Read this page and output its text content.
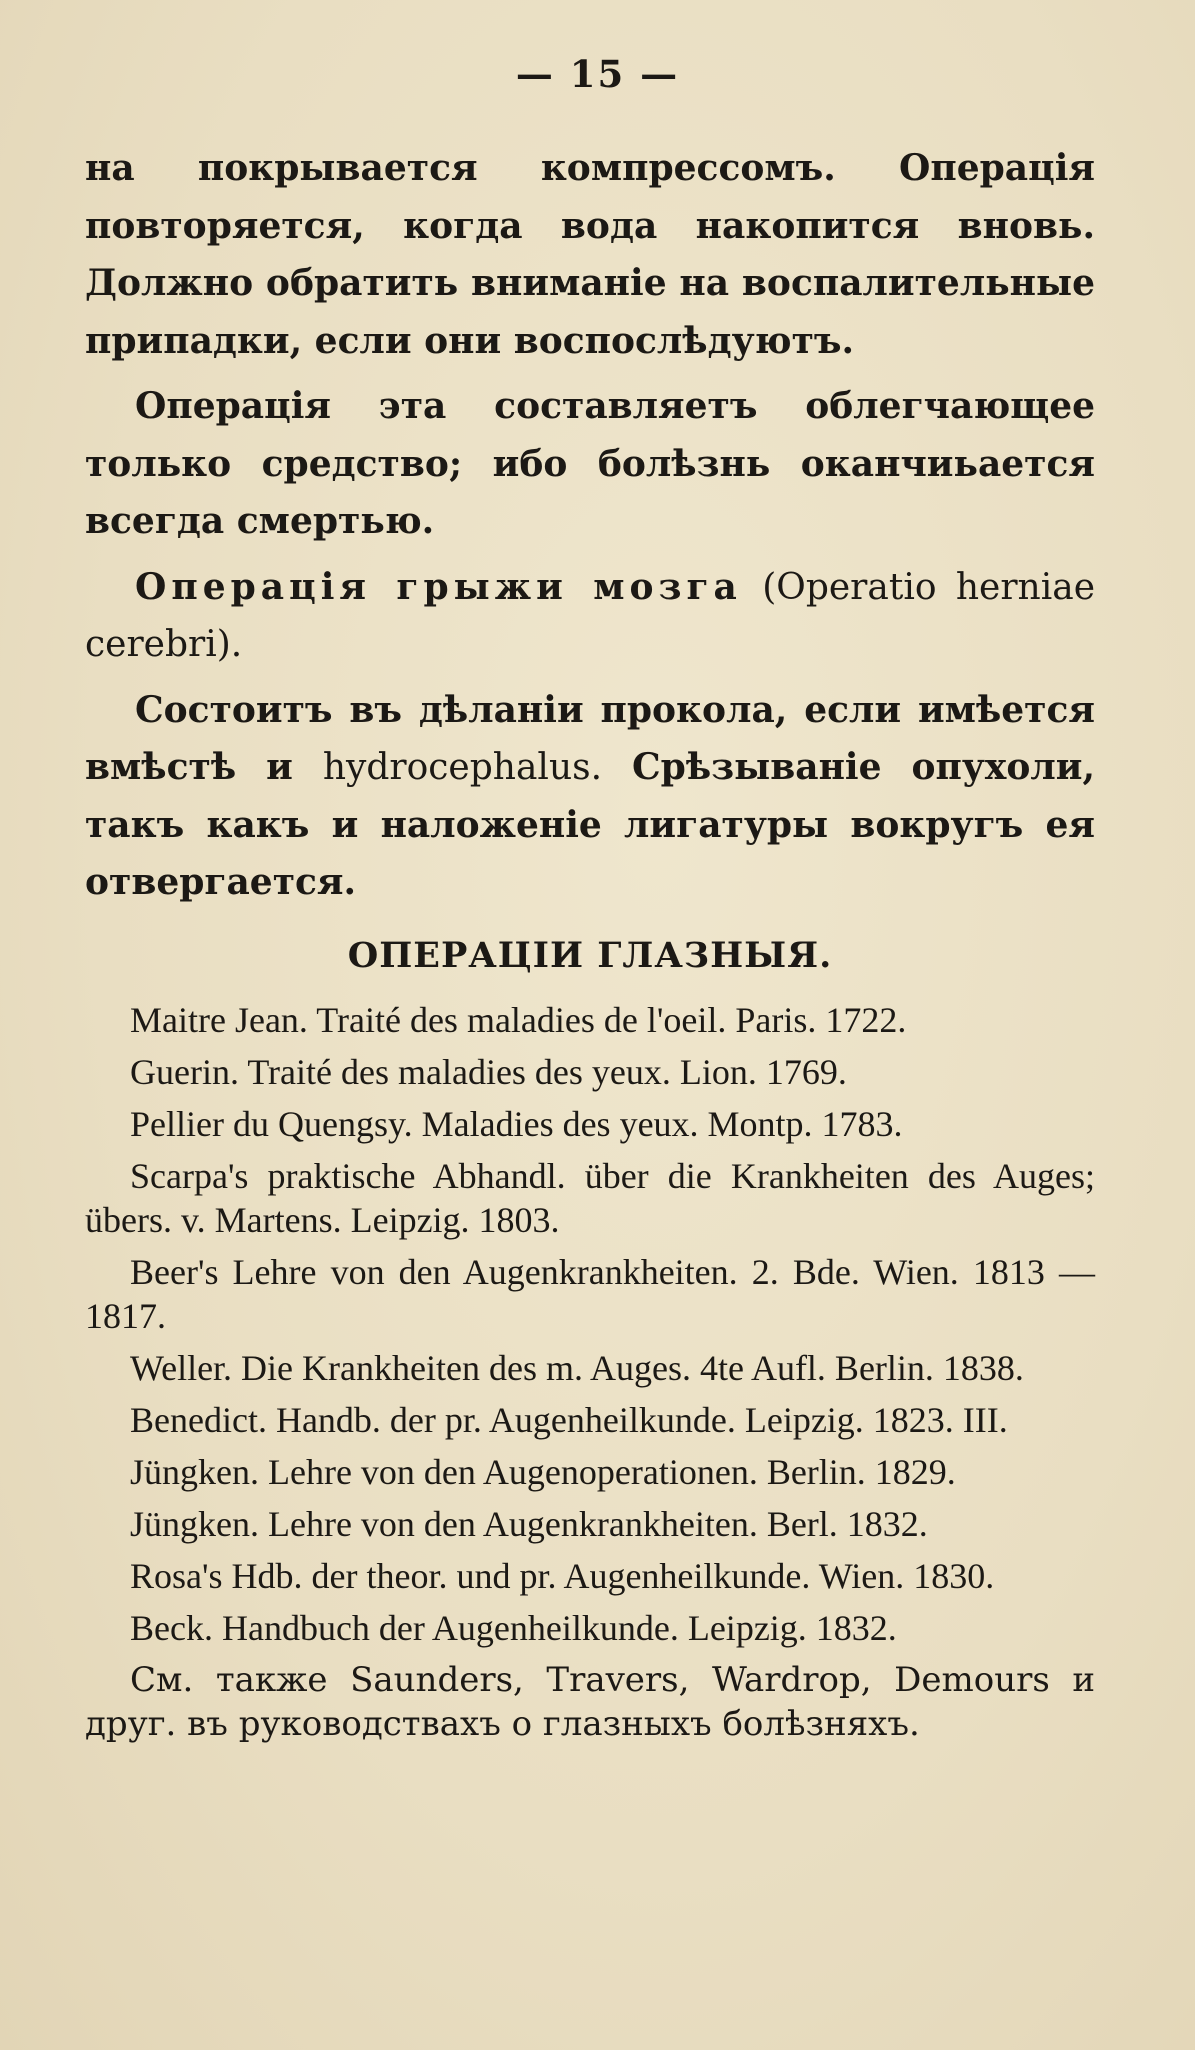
— 15 —

на покрывается компрессомъ. Операція повторяется, когда вода накопится вновь. Должно обратить вниманіе на воспалительные припадки, если они воспослѣдуютъ.

Операція эта составляетъ облегчающее только средство; ибо болѣзнь оканчиьается всегда смертью.

Операція грыжи мозга (Operatio herniae cerebri).

Состоитъ въ дѣланіи прокола, если имѣется вмѣстѣ и hydrocephalus. Срѣзываніе опухоли, такъ какъ и наложеніе лигатуры вокругъ ея отвергается.

ОПЕРАЦІИ ГЛАЗНЫЯ.

Maitre Jean. Traité des maladies de l'oeil. Paris. 1722.

Guerin. Traité des maladies des yeux. Lion. 1769.

Pellier du Quengsy. Maladies des yeux. Montp. 1783.

Scarpa's praktische Abhandl. über die Krankheiten des Auges; übers. v. Martens. Leipzig. 1803.

Beer's Lehre von den Augenkrankheiten. 2. Bde. Wien. 1813 — 1817.

Weller. Die Krankheiten des m. Auges. 4te Aufl. Berlin. 1838.

Benedict. Handb. der pr. Augenheilkunde. Leipzig. 1823. III.

Jüngken. Lehre von den Augenoperationen. Berlin. 1829.

Jüngken. Lehre von den Augenkrankheiten. Berl. 1832.

Rosa's Hdb. der theor. und pr. Augenheilkunde. Wien. 1830.

Beck. Handbuch der Augenheilkunde. Leipzig. 1832.

См. также Saunders, Travers, Wardrop, Demours и друг. въ руководствахъ о глазныхъ болѣзняхъ.
